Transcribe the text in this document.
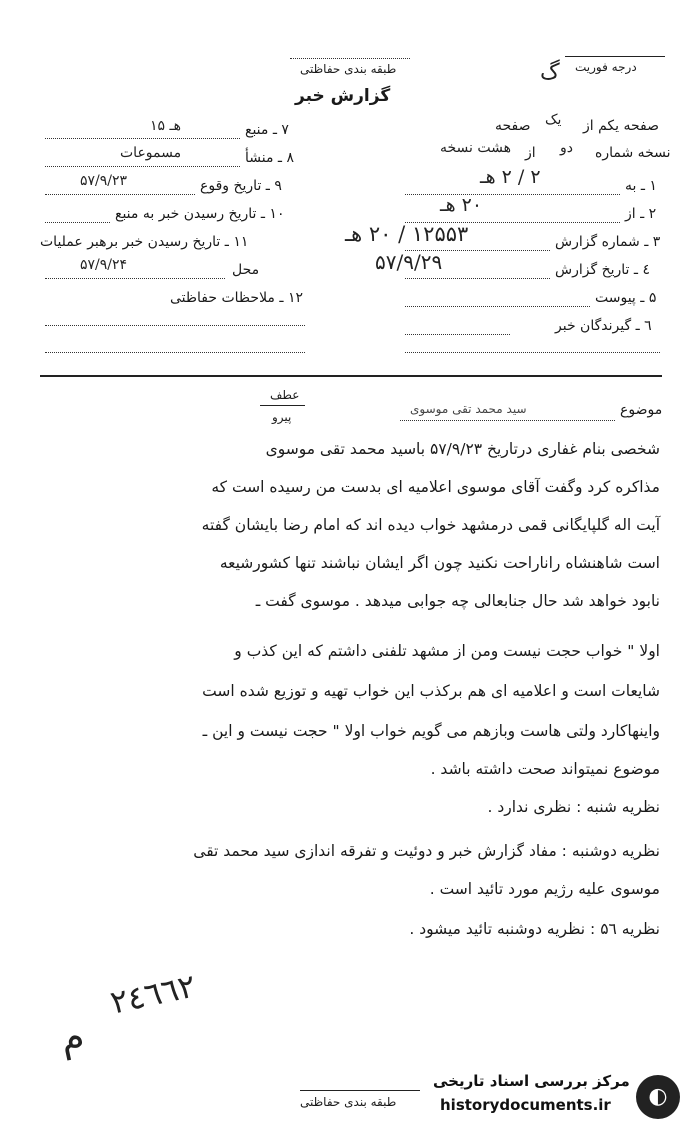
طبقه بندی حفاظتی
گزارش خبر
درجه فوریت
گ
۷ ـ منبع
هـ ۱۵
۸ ـ منشأ
مسموعات
۹ ـ تاریخ وقوع
۵۷/۹/۲۳
۱۰ ـ تاریخ رسیدن خبر به منبع
۱۱ ـ تاریخ رسیدن خبر برهبر عملیات
محل
۵۷/۹/۲۴
۱۲ ـ ملاحظات حفاظتی
صفحه یکم از
یک
صفحه
نسخه شماره
دو
از
هشت نسخه
۱ ـ به
۲ / ۲ هـ
۲ ـ از
۲۰ هـ
۳ ـ شماره گزارش
۱۲۵۵۳ / ۲۰ هـ
٤ ـ تاریخ گزارش
۵۷/۹/۲۹
۵ ـ پیوست
٦ ـ گیرندگان خبر
عطف
پیرو	موضوع
سید محمد تقی موسوی
شخصی بنام غفاری درتاریخ ۵۷/۹/۲۳ باسید محمد تقی موسوی
مذاکره کرد وگفت آقای موسوی اعلامیه ای بدست من رسیده است که
آیت اله گلپایگانی قمی درمشهد خواب دیده اند که امام رضا بایشان گفته
است شاهنشاه راناراحت نکنید چون اگر ایشان نباشند تنها کشورشیعه
نابود خواهد شد حال جنابعالی چه جوابی میدهد . موسوی گفت ـ
اولا " خواب حجت نیست ومن از مشهد تلفنی داشتم که این کذب و
شایعات است و اعلامیه ای هم برکذب این خواب تهیه و توزیع شده است
واینهاکارد ولتی هاست وبازهم می گویم خواب اولا " حجت نیست و این ـ
موضوع نمیتواند صحت داشته باشد .
نظریه شنبه : نظری ندارد .
نظریه دوشنبه : مفاد گزارش خبر و دوئیت و تفرقه اندازی سید محمد تقی
موسوی علیه رژیم مورد تائید است .
نظریه ۵٦ : نظریه دوشنبه تائید میشود .
۲٤٦٦۲
م
طبقه بندی حفاظتی
مرکز بررسی اسناد تاریخی
historydocuments.ir	◐
